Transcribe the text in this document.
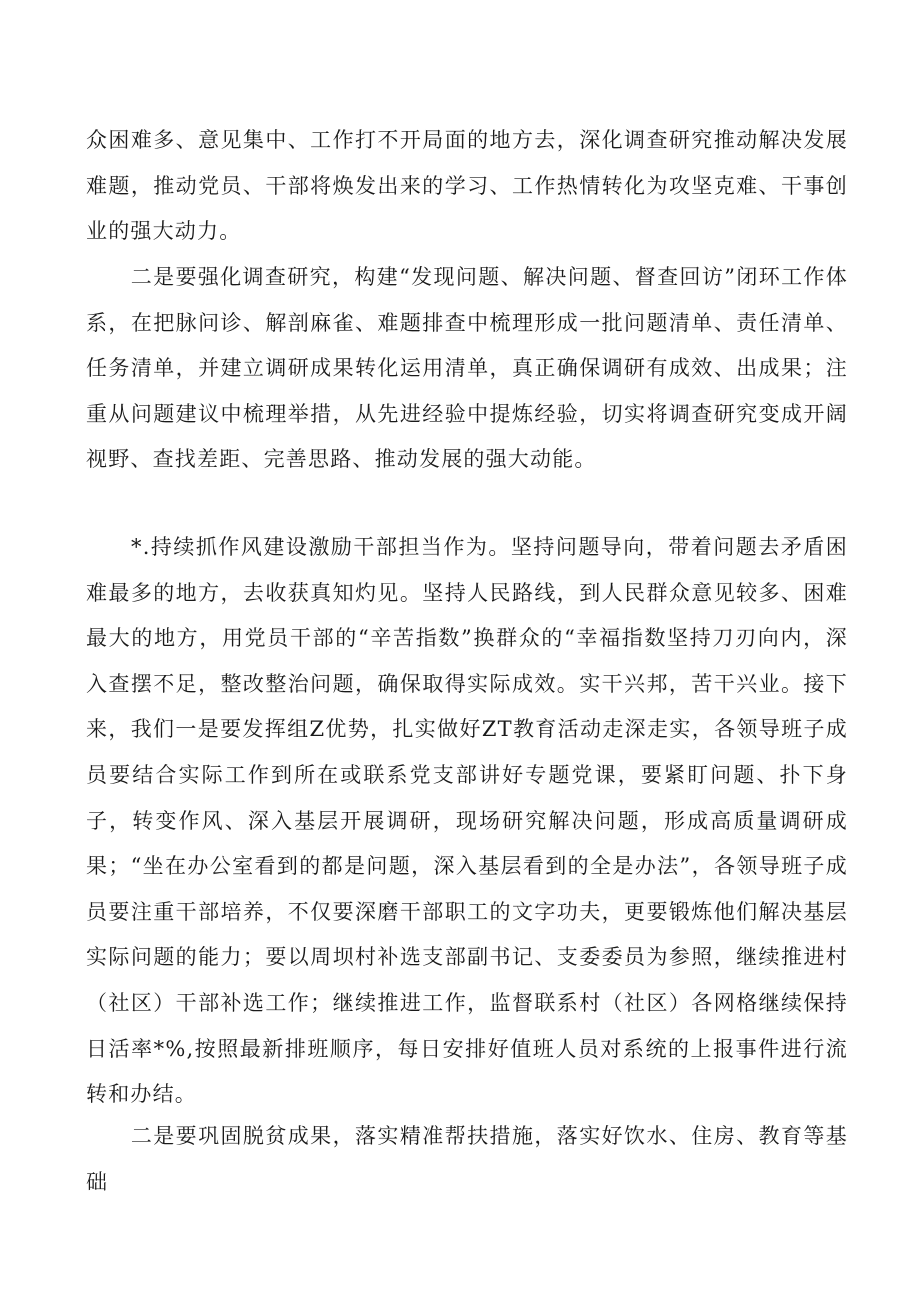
众困难多、意见集中、工作打不开局面的地方去，深化调查研究推动解决发展难题，推动党员、干部将焕发出来的学习、工作热情转化为攻坚克难、干事创业的强大动力。

　　二是要强化调查研究，构建“发现问题、解决问题、督查回访”闭环工作体系，在把脉问诊、解剖麻雀、难题排查中梳理形成一批问题清单、责任清单、任务清单，并建立调研成果转化运用清单，真正确保调研有成效、出成果；注重从问题建议中梳理举措，从先进经验中提炼经验，切实将调查研究变成开阔视野、查找差距、完善思路、推动发展的强大动能。

　　*.持续抓作风建设激励干部担当作为。坚持问题导向，带着问题去矛盾困难最多的地方，去收获真知灼见。坚持人民路线，到人民群众意见较多、困难最大的地方，用党员干部的“辛苦指数”换群众的“幸福指数坚持刀刃向内，深入查摆不足，整改整治问题，确保取得实际成效。实干兴邦，苦干兴业。接下来，我们一是要发挥组Z优势，扎实做好ZT教育活动走深走实，各领导班子成员要结合实际工作到所在或联系党支部讲好专题党课，要紧盯问题、扑下身子，转变作风、深入基层开展调研，现场研究解决问题，形成高质量调研成果；“坐在办公室看到的都是问题，深入基层看到的全是办法”，各领导班子成员要注重干部培养，不仅要深磨干部职工的文字功夫，更要锻炼他们解决基层实际问题的能力；要以周坝村补选支部副书记、支委委员为参照，继续推进村（社区）干部补选工作；继续推进工作，监督联系村（社区）各网格继续保持日活率*%,按照最新排班顺序，每日安排好值班人员对系统的上报事件进行流转和办结。

　　二是要巩固脱贫成果，落实精准帮扶措施，落实好饮水、住房、教育等基础
